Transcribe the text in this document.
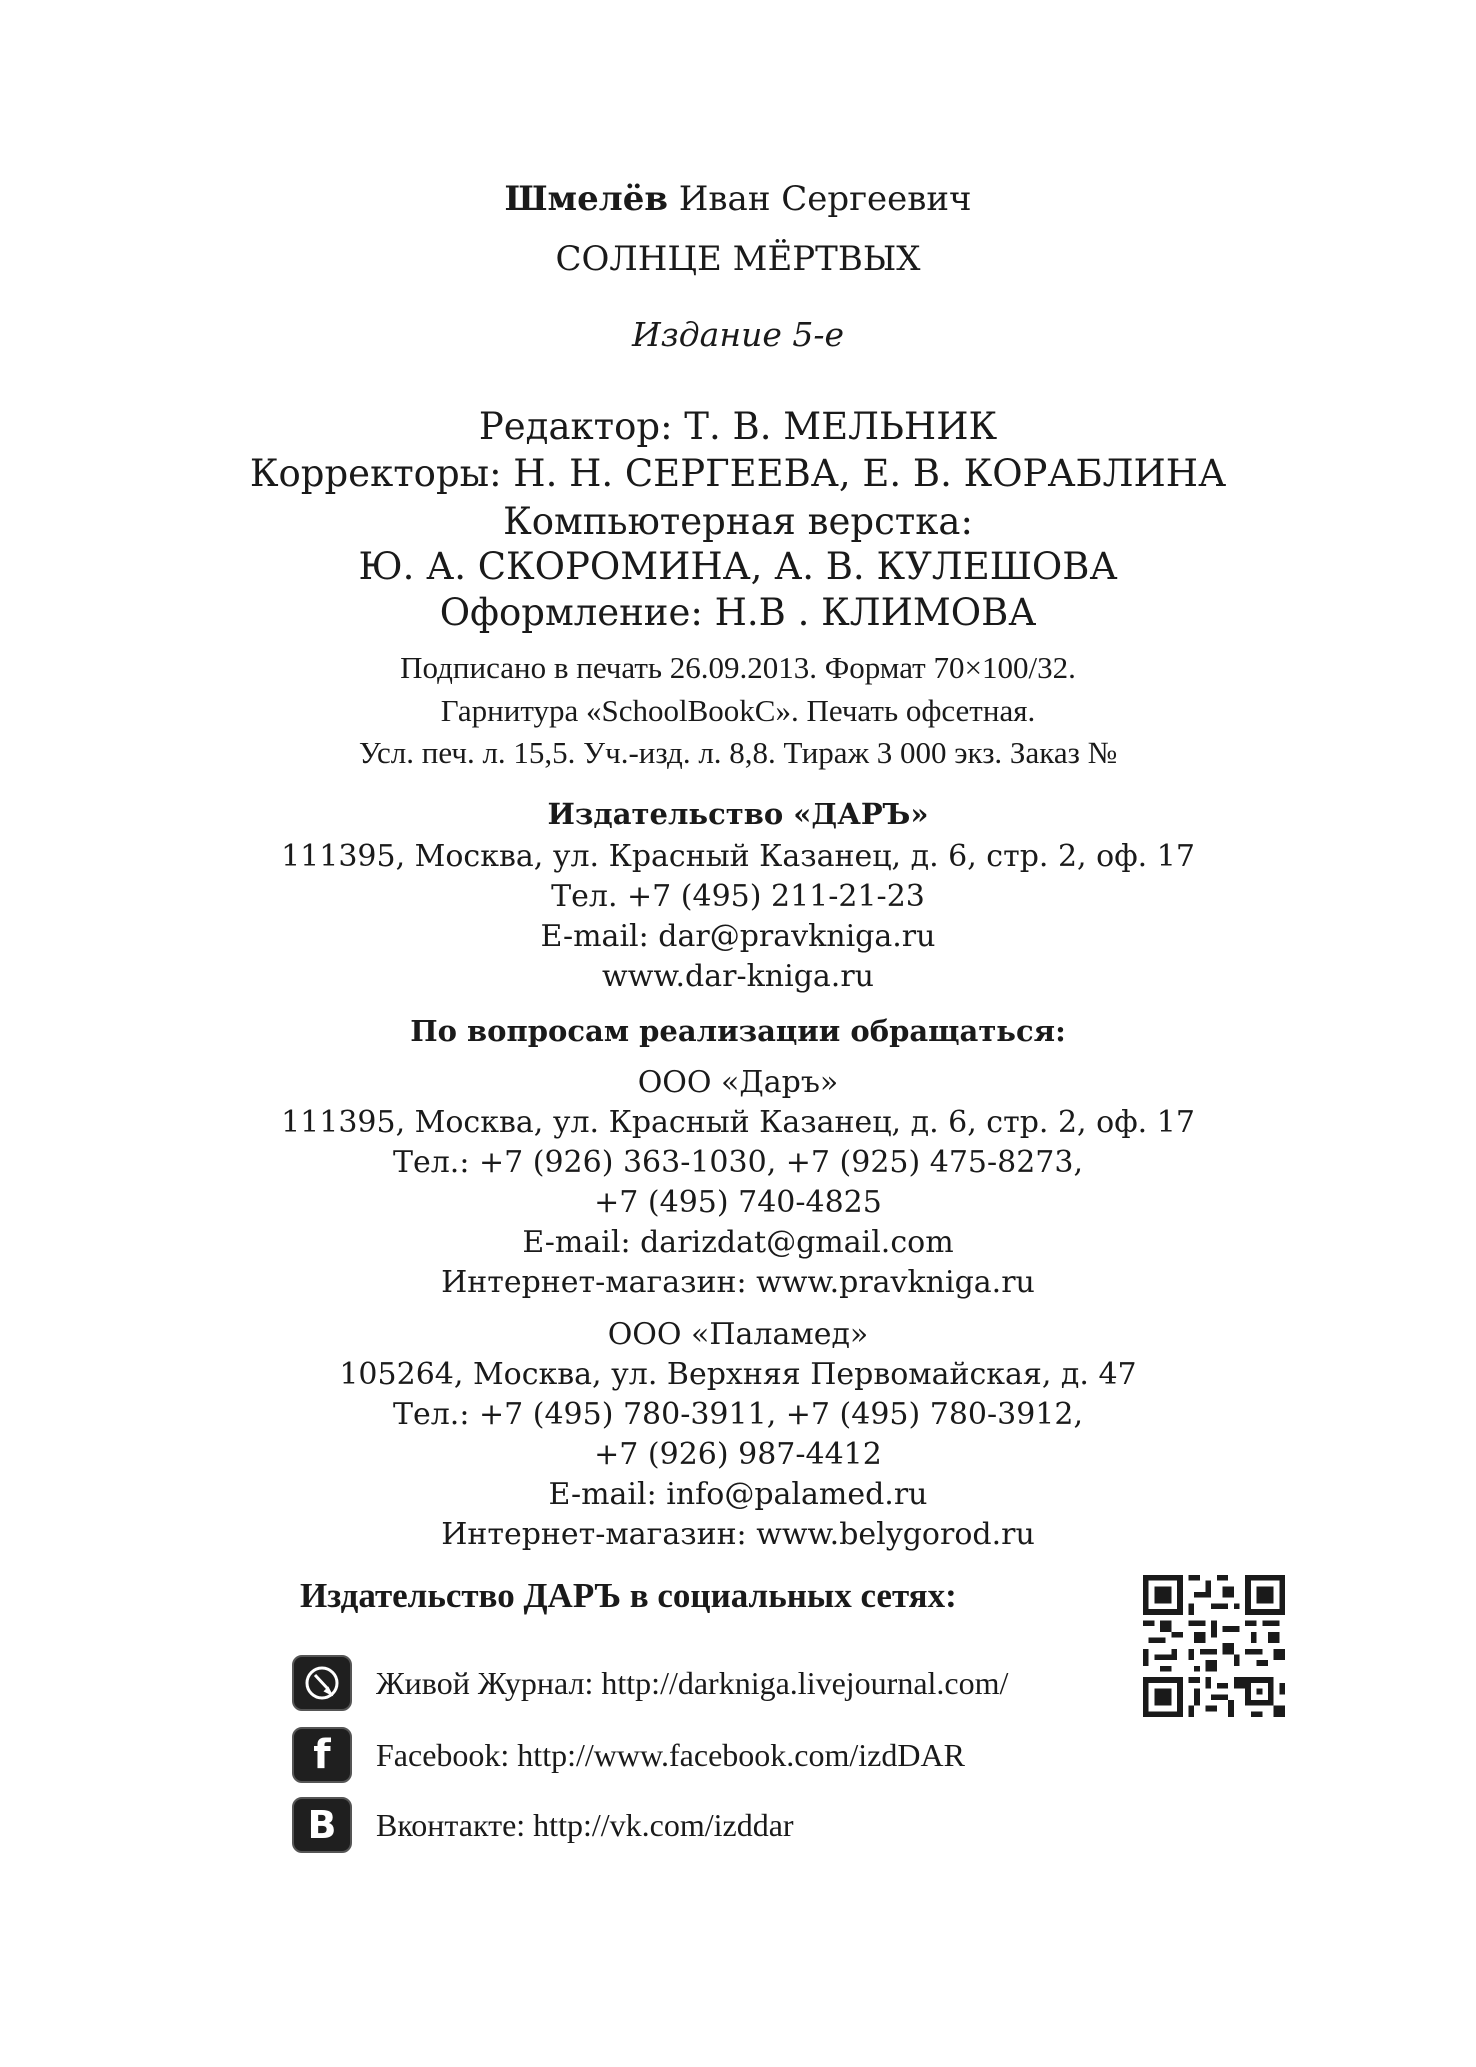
Шмелёв Иван Сергеевич
СОЛНЦЕ МЁРТВЫХ
Издание 5-е
Редактор: Т. В. МЕЛЬНИК
Корректоры: Н. Н. СЕРГЕЕВА, Е. В. КОРАБЛИНА
Компьютерная верстка:
Ю. А. СКОРОМИНА, А. В. КУЛЕШОВА
Оформление: Н.В . КЛИМОВА
Подписано в печать 26.09.2013. Формат 70×100/32.
Гарнитура «SchoolBookC». Печать офсетная.
Усл. печ. л. 15,5. Уч.-изд. л. 8,8. Тираж 3 000 экз. Заказ №
Издательство «ДАРЪ»
111395, Москва, ул. Красный Казанец, д. 6, стр. 2, оф. 17
Тел. +7 (495) 211-21-23
E-mail: dar@pravkniga.ru
www.dar-kniga.ru
По вопросам реализации обращаться:
ООО «Даръ»
111395, Москва, ул. Красный Казанец, д. 6, стр. 2, оф. 17
Тел.: +7 (926) 363-1030, +7 (925) 475-8273,
+7 (495) 740-4825
E-mail: darizdat@gmail.com
Интернет-магазин: www.pravkniga.ru
ООО «Паламед»
105264, Москва, ул. Верхняя Первомайская, д. 47
Тел.: +7 (495) 780-3911, +7 (495) 780-3912,
+7 (926) 987-4412
E-mail: info@palamed.ru
Интернет-магазин: www.belygorod.ru
Издательство ДАРЪ в социальных сетях:
Живой Журнал: http://darkniga.livejournal.com/
f	Facebook: http://www.facebook.com/izdDAR
B	Вконтакте: http://vk.com/izddar
